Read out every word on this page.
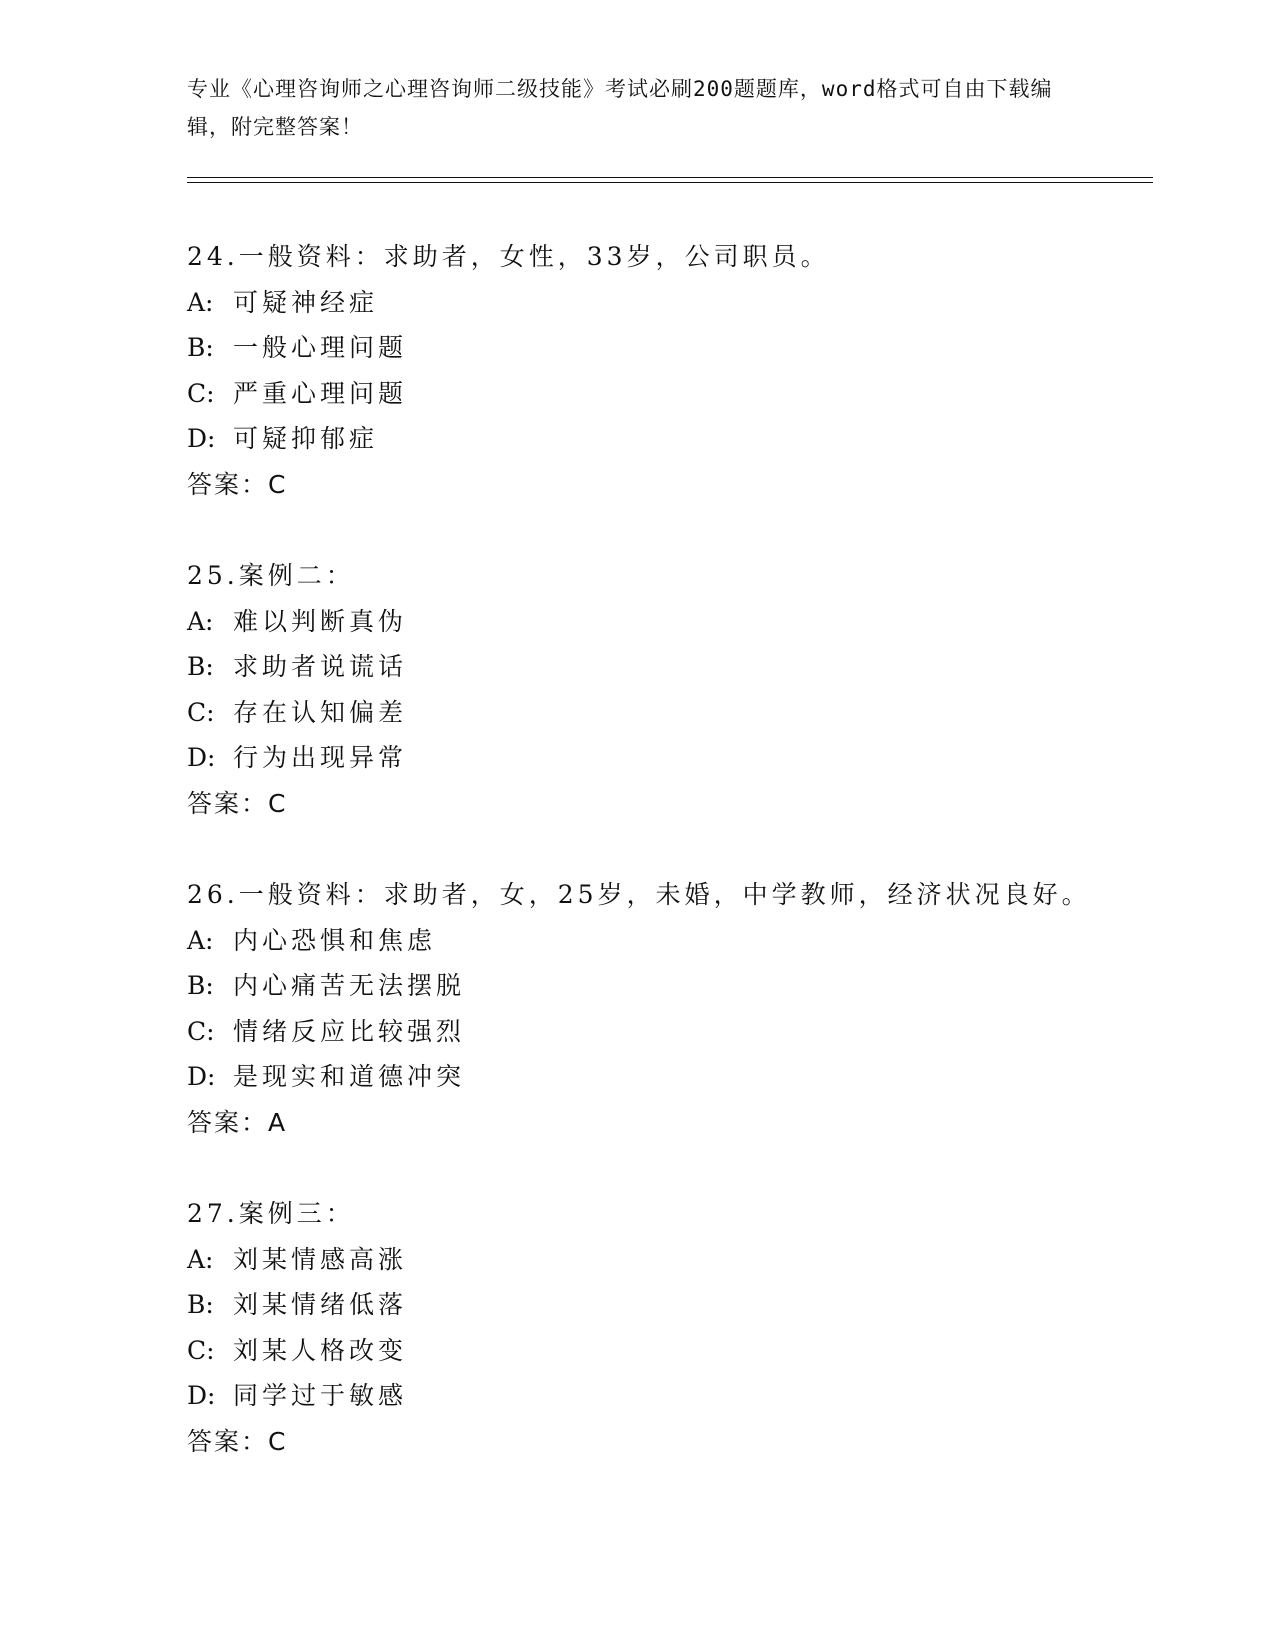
专业《心理咨询师之心理咨询师二级技能》考试必刷200题题库，word格式可自由下载编辑，附完整答案！
24.一般资料：求助者，女性，33岁，公司职员。
A: 可疑神经症
B: 一般心理问题
C: 严重心理问题
D: 可疑抑郁症
答案：C
25.案例二：
A: 难以判断真伪
B: 求助者说谎话
C: 存在认知偏差
D: 行为出现异常
答案：C
26.一般资料：求助者，女，25岁，未婚，中学教师，经济状况良好。
A: 内心恐惧和焦虑
B: 内心痛苦无法摆脱
C: 情绪反应比较强烈
D: 是现实和道德冲突
答案：A
27.案例三：
A: 刘某情感高涨
B: 刘某情绪低落
C: 刘某人格改变
D: 同学过于敏感
答案：C
